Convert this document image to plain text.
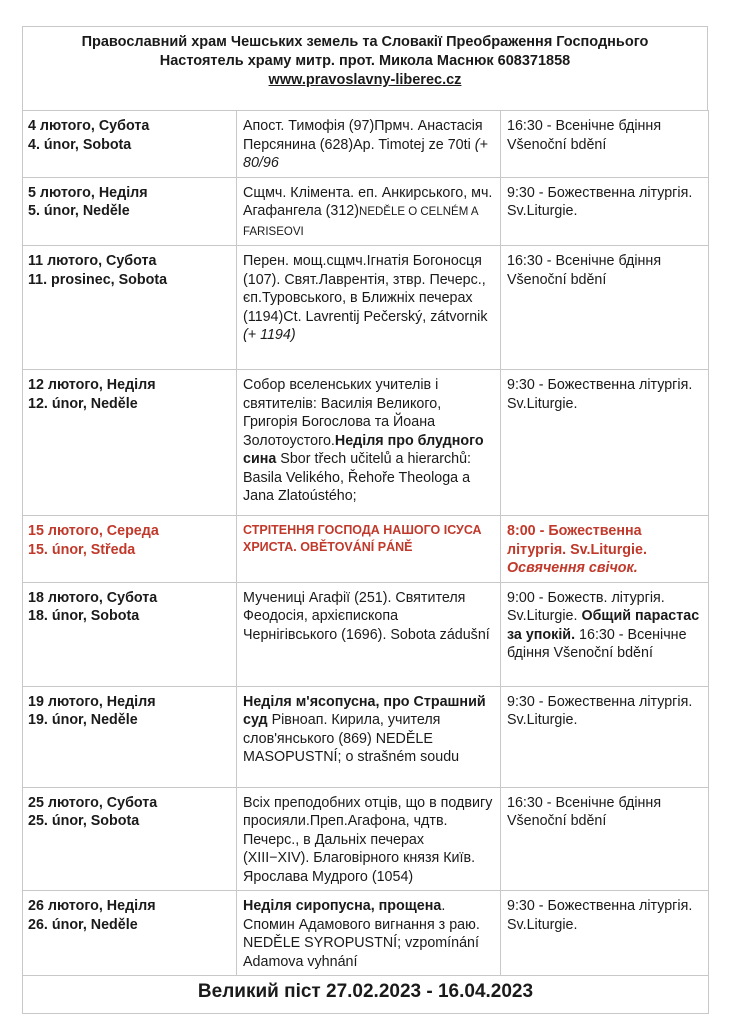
Православний храм Чешських земель та Словакії Преображення Господнього
Настоятель храму митр. прот. Микола Маснюк 608371858
www.pravoslavny-liberec.cz
4 лютого, Субота
4. únor, Sobota	Апост. Тимофія (97)Прмч. Анастасія Персянина (628)Ap. Timotej ze 70ti (+ 80/96	16:30 - Всенічне бдіння Všenoční bdění

5 лютого, Неділя
5. únor, Neděle	Сщмч. Клімента. еп. Анкирського, мч. Агафангела (312)NEDĚLE O CELNÉM A FARISEOVI	9:30 - Божественна літургія. Sv.Liturgie.

11 лютого, Субота
11. prosinec, Sobota	Перен. мощ.сщмч.Ігнатія Богоносця (107). Свят.Лаврентія, зтвр. Печерс., єп.Туровського, в Ближніх печерах (1194)Ct. Lavrentij Pečerský, zátvornik (+ 1194)	16:30 - Всенічне бдіння Všenoční bdění

12 лютого, Неділя
12. únor, Neděle	Собор вселенських учителів і святителів: Василія Великого, Григорія Богослова та Йоана Золотоустого.Неділя про блудного сина Sbor třech učitelů a hierarchů: Basila Velikého, Řehoře Theologa a Jana Zlatoústého;	9:30 - Божественна літургія. Sv.Liturgie.

15 лютого, Середа
15. únor, Středa	СТРІТЕННЯ ГОСПОДА НАШОГО ІСУСА ХРИСТА. OBĚTOVÁNÍ PÁNĚ	8:00 - Божественна літургія. Sv.Liturgie. Освячення свічок.

18 лютого, Субота
18. únor, Sobota	Мучениці Агафії (251). Святителя Феодосія, архієпископа Чернігівського (1696). Sobota zádušní	9:00 - Божеств. літургія. Sv.Liturgie. Общий парастас за упокій. 16:30 - Всенічне бдіння Všenoční bdění

19 лютого, Неділя
19. únor, Neděle	Неділя м'ясопусна, про Страшний суд Рівноап. Кирила, учителя слов'янського (869) NEDĚLE MASOPUSTNÍ; o strašném soudu	9:30 - Божественна літургія. Sv.Liturgie.

25 лютого, Субота
25. únor, Sobota	Всіх преподобних отців, що в подвигу просияли.Преп.Агафона, чдтв. Печерс., в Дальніх печерах (XIII−XIV). Благовірного князя Київ. Ярослава Мудрого (1054)	16:30 - Всенічне бдіння Všenoční bdění

26 лютого, Неділя
26. únor, Neděle	Неділя сиропусна, прощена. Спомин Адамового вигнання з раю. NEDĚLE SYROPUSTNÍ; vzpomínání Adamova vyhnání	9:30 - Божественна літургія. Sv.Liturgie.
Великий піст 27.02.2023 - 16.04.2023		
